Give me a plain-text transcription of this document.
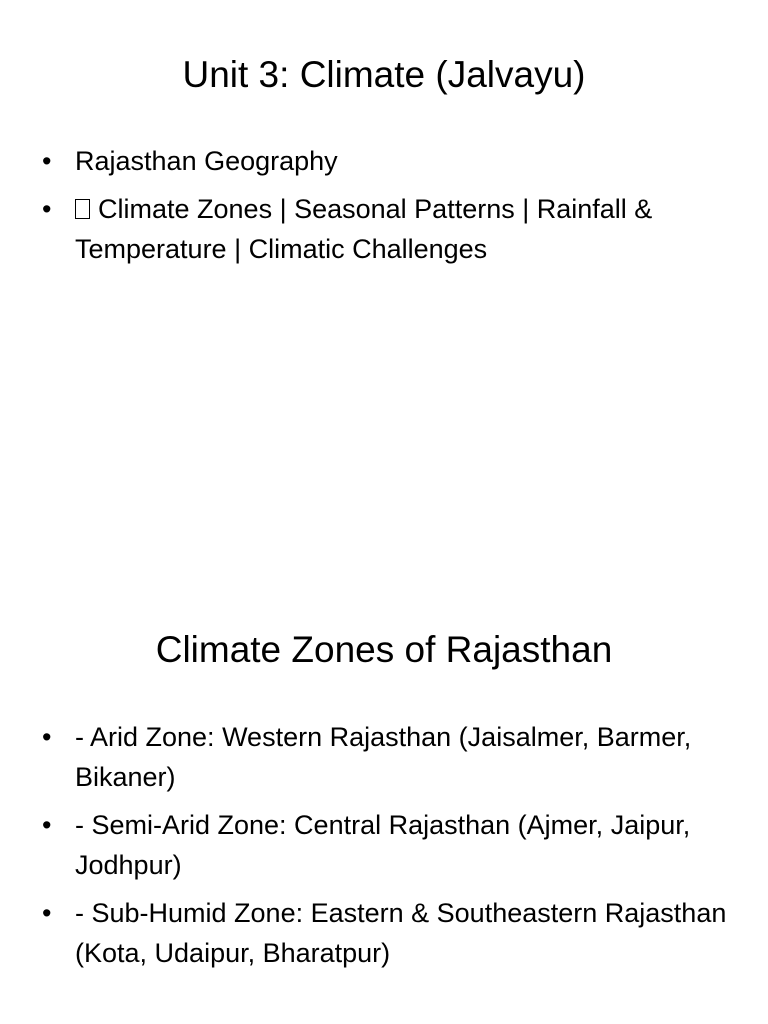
Unit 3: Climate (Jalvayu)
• Rajasthan Geography
•	Climate Zones | Seasonal Patterns | Rainfall & Temperature | Climatic Challenges
Climate Zones of Rajasthan
• - Arid Zone: Western Rajasthan (Jaisalmer, Barmer, Bikaner)
• - Semi-Arid Zone: Central Rajasthan (Ajmer, Jaipur, Jodhpur)
• - Sub-Humid Zone: Eastern & Southeastern Rajasthan (Kota, Udaipur, Bharatpur)
